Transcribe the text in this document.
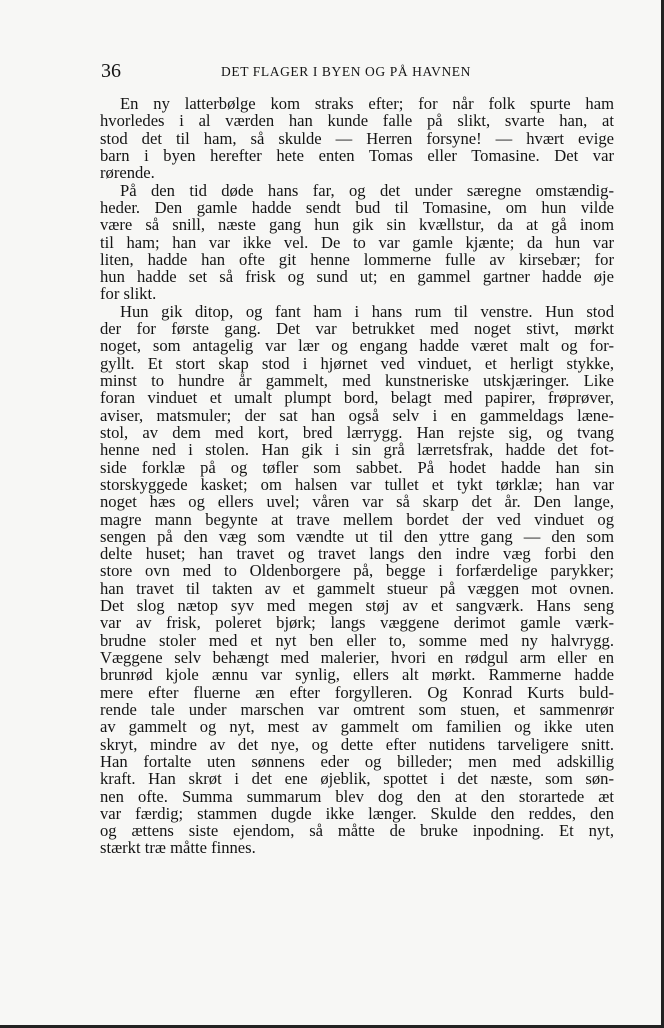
36	DET FLAGER I BYEN OG PÅ HAVNEN
En ny latterbølge kom straks efter; for når folk spurte ham
hvorledes i al værden han kunde falle på slikt, svarte han, at
stod det til ham, så skulde — Herren forsyne! — hvært evige
barn i byen herefter hete enten Tomas eller Tomasine. Det var
rørende.
På den tid døde hans far, og det under særegne omstændig-
heder. Den gamle hadde sendt bud til Tomasine, om hun vilde
være så snill, næste gang hun gik sin kvællstur, da at gå inom
til ham; han var ikke vel. De to var gamle kjænte; da hun var
liten, hadde han ofte git henne lommerne fulle av kirsebær; for
hun hadde set så frisk og sund ut; en gammel gartner hadde øje
for slikt.
Hun gik ditop, og fant ham i hans rum til venstre. Hun stod
der for første gang. Det var betrukket med noget stivt, mørkt
noget, som antagelig var lær og engang hadde været malt og for-
gyllt. Et stort skap stod i hjørnet ved vinduet, et herligt stykke,
minst to hundre år gammelt, med kunstneriske utskjæringer. Like
foran vinduet et umalt plumpt bord, belagt med papirer, frøprøver,
aviser, matsmuler; der sat han også selv i en gammeldags læne-
stol, av dem med kort, bred lærrygg. Han rejste sig, og tvang
henne ned i stolen. Han gik i sin grå lærretsfrak, hadde det fot-
side forklæ på og tøfler som sabbet. På hodet hadde han sin
storskyggede kasket; om halsen var tullet et tykt tørklæ; han var
noget hæs og ellers uvel; våren var så skarp det år. Den lange,
magre mann begynte at trave mellem bordet der ved vinduet og
sengen på den væg som vændte ut til den yttre gang — den som
delte huset; han travet og travet langs den indre væg forbi den
store ovn med to Oldenborgere på, begge i forfærdelige parykker;
han travet til takten av et gammelt stueur på væggen mot ovnen.
Det slog nætop syv med megen støj av et sangværk. Hans seng
var av frisk, poleret bjørk; langs væggene derimot gamle værk-
brudne stoler med et nyt ben eller to, somme med ny halvrygg.
Væggene selv behængt med malerier, hvori en rødgul arm eller en
brunrød kjole ænnu var synlig, ellers alt mørkt. Rammerne hadde
mere efter fluerne æn efter forgylleren. Og Konrad Kurts buld-
rende tale under marschen var omtrent som stuen, et sammenrør
av gammelt og nyt, mest av gammelt om familien og ikke uten
skryt, mindre av det nye, og dette efter nutidens tarveligere snitt.
Han fortalte uten sønnens eder og billeder; men med adskillig
kraft. Han skrøt i det ene øjeblik, spottet i det næste, som søn-
nen ofte. Summa summarum blev dog den at den storartede æt
var færdig; stammen dugde ikke længer. Skulde den reddes, den
og ættens siste ejendom, så måtte de bruke inpodning. Et nyt,
stærkt træ måtte finnes.
